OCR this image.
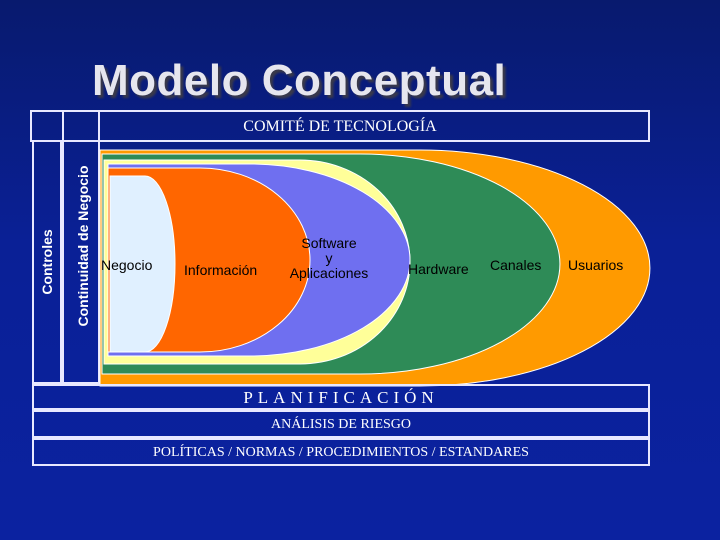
Modelo Conceptual
COMITÉ DE TECNOLOGÍA
Controles Continuidad de Negocio Negocio Información
Software
y
Aplicaciones	Hardware Canales Usuarios
PLANIFICACIÓN
ANÁLISIS DE RIESGO
POLÍTICAS / NORMAS / PROCEDIMIENTOS / ESTANDARES
